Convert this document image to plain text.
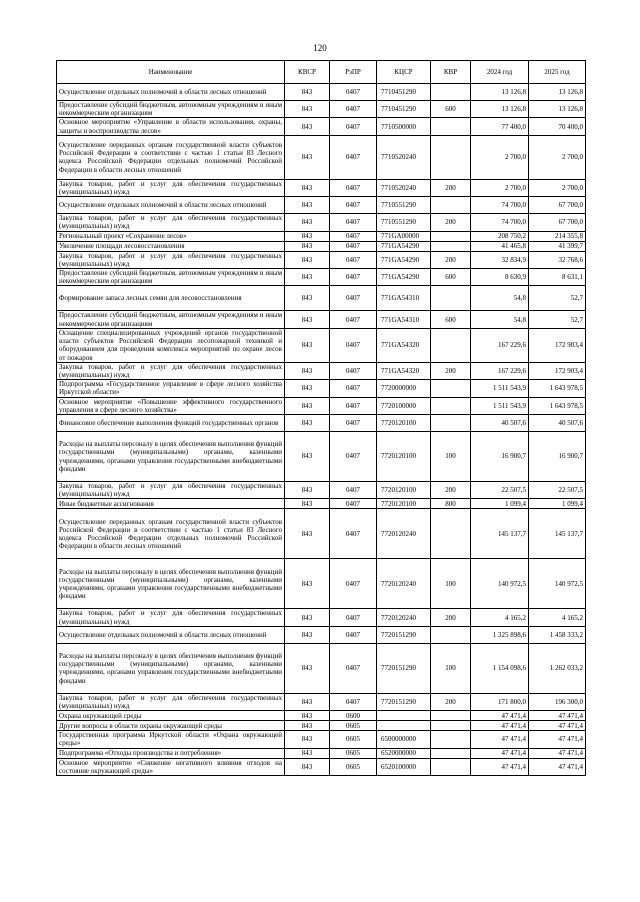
120
Наименование	КВСР	РзПР	КЦСР	КВР	2024 год	2025 год
Осуществление отдельных полномочий в области лесных отношений	843	0407	7710451290		13 126,8	13 126,8
Предоставление субсидий бюджетным, автономным учреждениям и иным некоммерческим организациям	843	0407	7710451290	600	13 126,8	13 126,8
Основное мероприятие «Управление в области использования, охраны, защиты и воспроизводства лесов»	843	0407	7710500000		77 400,0	70 400,0
Осуществление переданных органам государственной власти субъектов Российской Федерации в соответствии с частью 1 статьи 83 Лесного кодекса Российской Федерации отдельных полномочий Российской Федерации в области лесных отношений	843	0407	7710520240		2 700,0	2 700,0
Закупка товаров, работ и услуг для обеспечения государственных (муниципальных) нужд	843	0407	7710520240	200	2 700,0	2 700,0
Осуществление отдельных полномочий в области лесных отношений	843	0407	7710551290		74 700,0	67 700,0
Закупка товаров, работ и услуг для обеспечения государственных (муниципальных) нужд	843	0407	7710551290	200	74 700,0	67 700,0
Региональный проект «Сохранение лесов»	843	0407	771GA00000		208 750,2	214 355,8
Увеличение площади лесовосстановления	843	0407	771GA54290		41 465,8	41 399,7
Закупка товаров, работ и услуг для обеспечения государственных (муниципальных) нужд	843	0407	771GA54290	200	32 834,9	32 768,6
Предоставление субсидий бюджетным, автономным учреждениям и иным некоммерческим организациям	843	0407	771GA54290	600	8 630,9	8 631,1
Формирование запаса лесных семян для лесовосстановления	843	0407	771GA54310		54,8	52,7
Предоставление субсидий бюджетным, автономным учреждениям и иным некоммерческим организациям	843	0407	771GA54310	600	54,8	52,7
Оснащение специализированных учреждений органов государственной власти субъектов Российской Федерации лесопожарной техникой и оборудованием для проведения комплекса мероприятий по охране лесов от пожаров	843	0407	771GA54320		167 229,6	172 903,4
Закупка товаров, работ и услуг для обеспечения государственных (муниципальных) нужд	843	0407	771GA54320	200	167 229,6	172 903,4
Подпрограмма «Государственное управление в сфере лесного хозяйства Иркутской области»	843	0407	7720000000		1 511 543,9	1 643 978,5
Основное мероприятие «Повышение эффективного государственного управления в сфере лесного хозяйства»	843	0407	7720100000		1 511 543,9	1 643 978,5
Финансовое обеспечение выполнения функций государственных органов	843	0407	7720120100		40 507,6	40 507,6
Расходы на выплаты персоналу в целях обеспечения выполнения функций государственными (муниципальными) органами, казенными учреждениями, органами управления государственными внебюджетными фондами	843	0407	7720120100	100	16 900,7	16 900,7
Закупка товаров, работ и услуг для обеспечения государственных (муниципальных) нужд	843	0407	7720120100	200	22 507,5	22 507,5
Иные бюджетные ассигнования	843	0407	7720120100	800	1 099,4	1 099,4
Осуществление переданных органам государственной власти субъектов Российской Федерации в соответствии с частью 1 статьи 83 Лесного кодекса Российской Федерации отдельных полномочий Российской Федерации в области лесных отношений	843	0407	7720120240		145 137,7	145 137,7
Расходы на выплаты персоналу в целях обеспечения выполнения функций государственными (муниципальными) органами, казенными учреждениями, органами управления государственными внебюджетными фондами	843	0407	7720120240	100	140 972,5	140 972,5
Закупка товаров, работ и услуг для обеспечения государственных (муниципальных) нужд	843	0407	7720120240	200	4 165,2	4 165,2
Осуществление отдельных полномочий в области лесных отношений	843	0407	7720151290		1 325 898,6	1 458 333,2
Расходы на выплаты персоналу в целях обеспечения выполнения функций государственными (муниципальными) органами, казенными учреждениями, органами управления государственными внебюджетными фондами	843	0407	7720151290	100	1 154 098,6	1 262 033,2
Закупка товаров, работ и услуг для обеспечения государственных (муниципальных) нужд	843	0407	7720151290	200	171 800,0	196 300,0
Охрана окружающей среды	843	0600			47 471,4	47 471,4
Другие вопросы в области охраны окружающей среды	843	0605			47 471,4	47 471,4
Государственная программа Иркутской области «Охрана окружающей среды»	843	0605	6500000000		47 471,4	47 471,4
Подпрограмма «Отходы производства и потребления»	843	0605	6520000000		47 471,4	47 471,4
Основное мероприятие «Снижение негативного влияния отходов на состояние окружающей среды»	843	0605	6520100000		47 471,4	47 471,4
